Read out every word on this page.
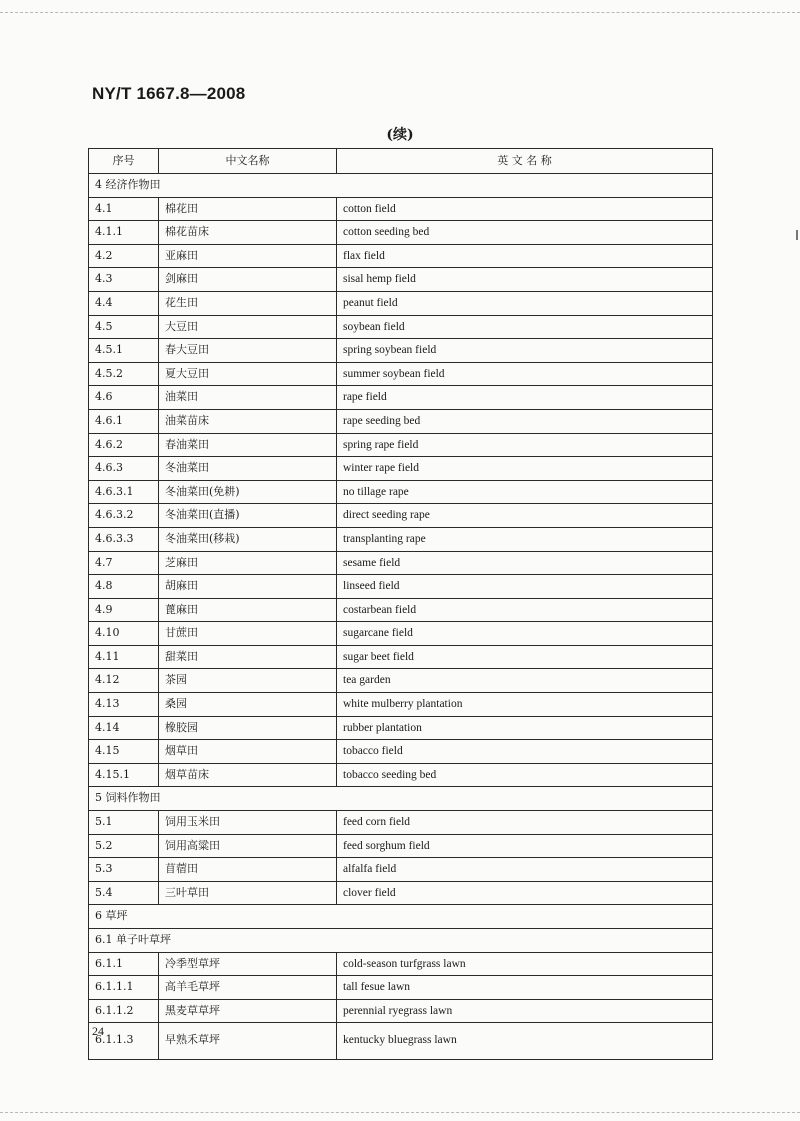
NY/T 1667.8—2008
(续)
序号	中文名称	英 文 名 称
4 经济作物田		
4.1	棉花田	cotton field
4.1.1	棉花苗床	cotton seeding bed
4.2	亚麻田	flax field
4.3	剑麻田	sisal hemp field
4.4	花生田	peanut field
4.5	大豆田	soybean field
4.5.1	春大豆田	spring soybean field
4.5.2	夏大豆田	summer soybean field
4.6	油菜田	rape field
4.6.1	油菜苗床	rape seeding bed
4.6.2	春油菜田	spring rape field
4.6.3	冬油菜田	winter rape field
4.6.3.1	冬油菜田(免耕)	no tillage rape
4.6.3.2	冬油菜田(直播)	direct seeding rape
4.6.3.3	冬油菜田(移栽)	transplanting rape
4.7	芝麻田	sesame field
4.8	胡麻田	linseed field
4.9	蓖麻田	costarbean field
4.10	甘蔗田	sugarcane field
4.11	甜菜田	sugar beet field
4.12	茶园	tea garden
4.13	桑园	white mulberry plantation
4.14	橡胶园	rubber plantation
4.15	烟草田	tobacco field
4.15.1	烟草苗床	tobacco seeding bed
5 饲料作物田		
5.1	饲用玉米田	feed corn field
5.2	饲用高粱田	feed sorghum field
5.3	苜蓿田	alfalfa field
5.4	三叶草田	clover field
6 草坪		
6.1 单子叶草坪		
6.1.1	冷季型草坪	cold-season turfgrass lawn
6.1.1.1	高羊毛草坪	tall fesue lawn
6.1.1.2	黑麦草草坪	perennial ryegrass lawn
6.1.1.3	早熟禾草坪	kentucky bluegrass lawn
24
